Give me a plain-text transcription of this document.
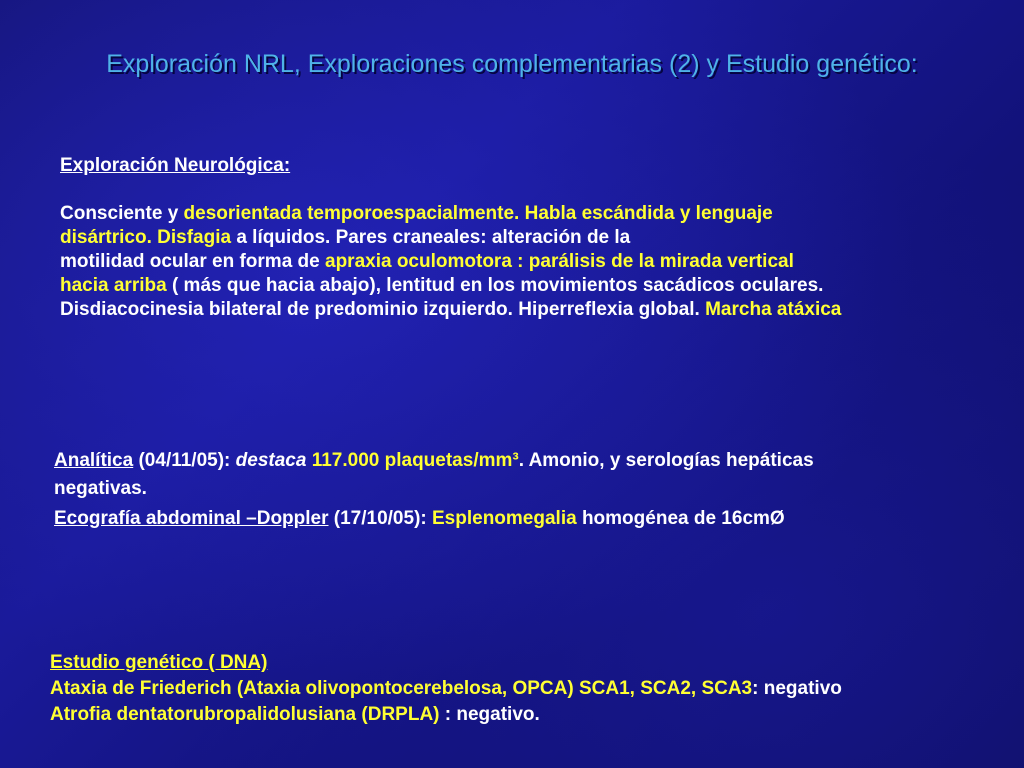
Exploración NRL, Exploraciones complementarias (2) y Estudio genético:
Exploración Neurológica:
Consciente y desorientada temporoespacialmente. Habla escándida y lenguaje
disártrico. Disfagia a líquidos. Pares craneales: alteración de la
motilidad ocular en forma de apraxia oculomotora : parálisis de la mirada vertical
hacia arriba ( más que hacia abajo), lentitud en los movimientos sacádicos oculares.
Disdiacocinesia bilateral de predominio izquierdo. Hiperreflexia global. Marcha atáxica
Analítica (04/11/05): destaca 117.000 plaquetas/mm³. Amonio, y serologías hepáticas
negativas.
Ecografía abdominal –Doppler (17/10/05): Esplenomegalia homogénea de 16cmØ
Estudio genético ( DNA)
Ataxia de Friederich (Ataxia olivopontocerebelosa, OPCA) SCA1, SCA2, SCA3: negativo
Atrofia dentatorubropalidolusiana (DRPLA) : negativo.
